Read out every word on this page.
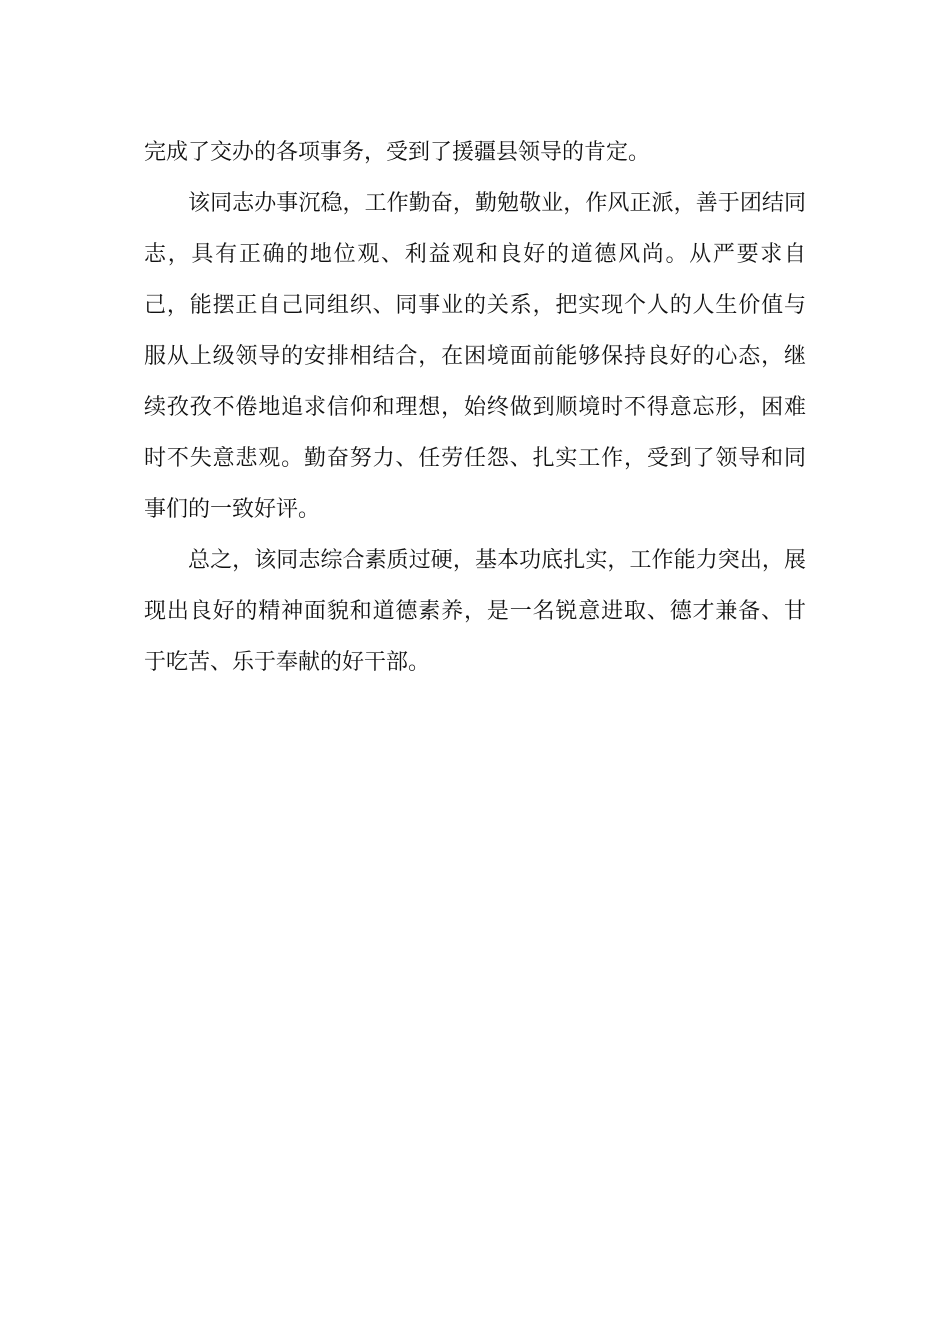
完成了交办的各项事务，受到了援疆县领导的肯定。
该同志办事沉稳，工作勤奋，勤勉敬业，作风正派，善于团结同
志，具有正确的地位观、利益观和良好的道德风尚。从严要求自
己，能摆正自己同组织、同事业的关系，把实现个人的人生价值与
服从上级领导的安排相结合，在困境面前能够保持良好的心态，继
续孜孜不倦地追求信仰和理想，始终做到顺境时不得意忘形，困难
时不失意悲观。勤奋努力、任劳任怨、扎实工作，受到了领导和同
事们的一致好评。
总之，该同志综合素质过硬，基本功底扎实，工作能力突出，展
现出良好的精神面貌和道德素养，是一名锐意进取、德才兼备、甘
于吃苦、乐于奉献的好干部。
